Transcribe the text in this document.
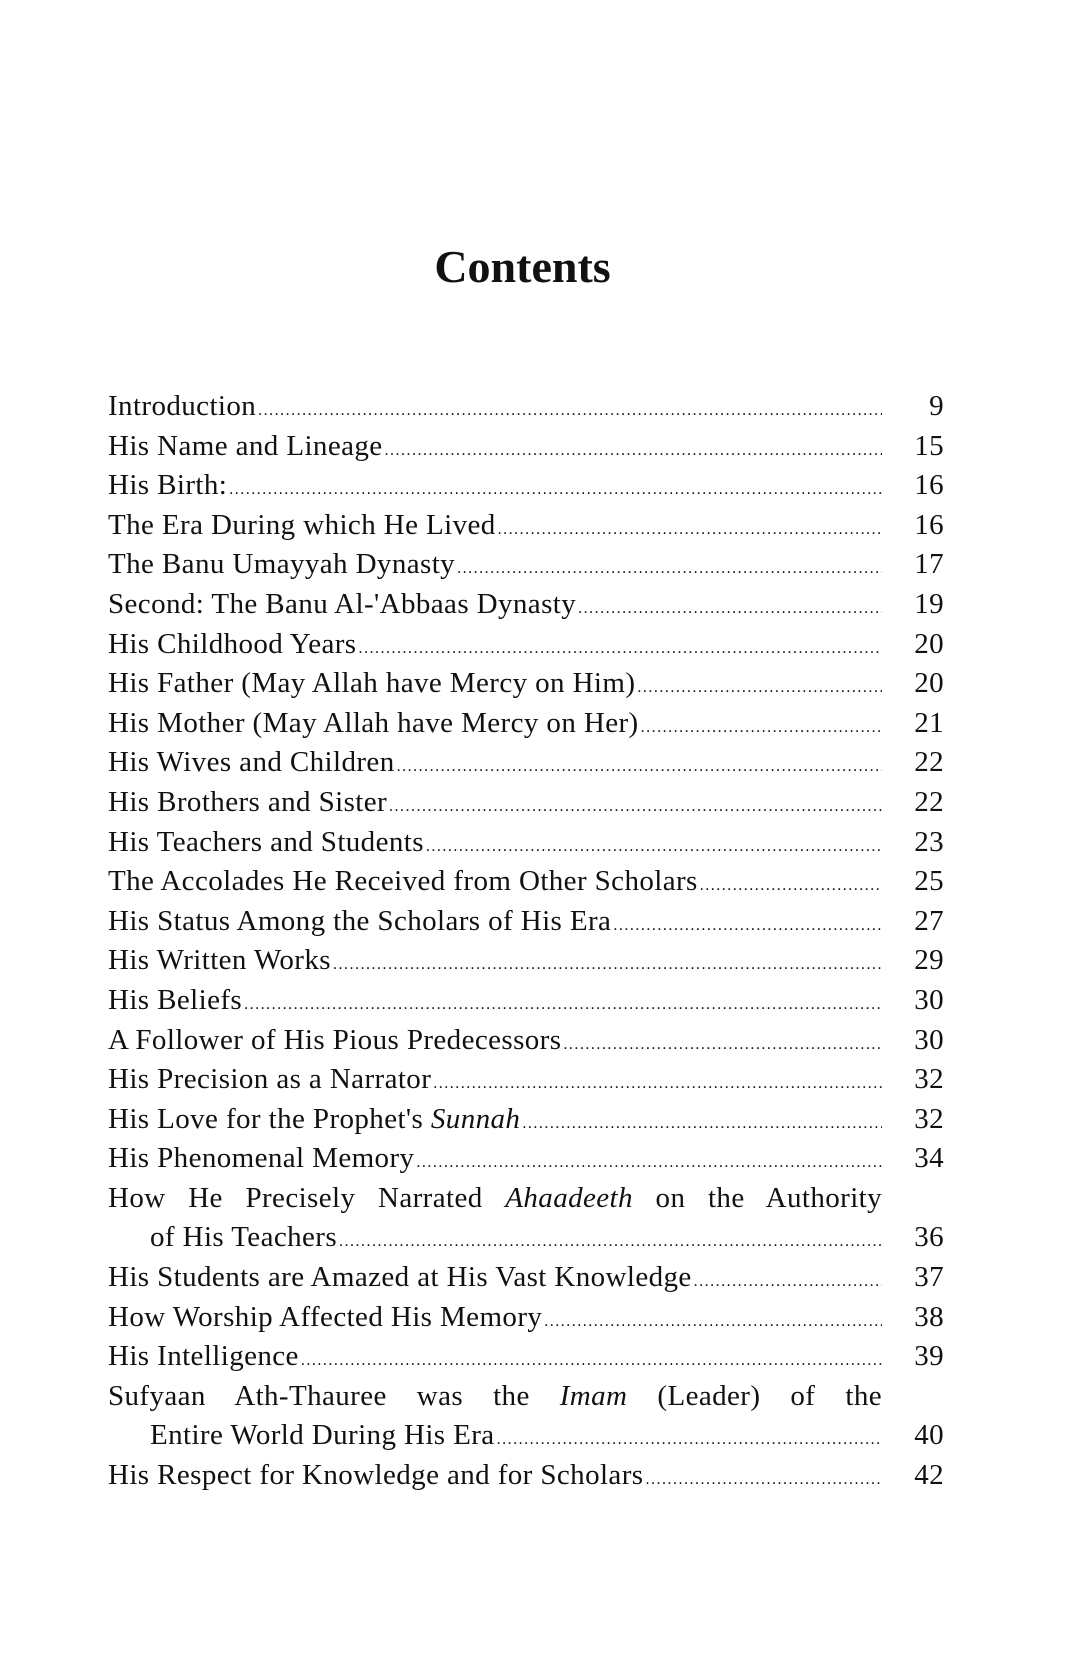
Contents
Introduction .....	9
His Name and Lineage .....	15
His Birth: .....	16
The Era During which He Lived .....	16
The Banu Umayyah Dynasty .....	17
Second: The Banu Al-'Abbaas Dynasty .....	19
His Childhood Years .....	20
His Father (May Allah have Mercy on Him) .....	20
His Mother (May Allah have Mercy on Her) .....	21
His Wives and Children .....	22
His Brothers and Sister .....	22
His Teachers and Students .....	23
The Accolades He Received from Other Scholars .....	25
His Status Among the Scholars of His Era .....	27
His Written Works .....	29
His Beliefs .....	30
A Follower of His Pious Predecessors .....	30
His Precision as a Narrator .....	32
His Love for the Prophet's Sunnah .....	32
His Phenomenal Memory .....	34
How He Precisely Narrated Ahaadeeth on the Authority
of His Teachers .....	36
His Students are Amazed at His Vast Knowledge .....	37
How Worship Affected His Memory .....	38
His Intelligence .....	39
Sufyaan Ath-Thauree was the Imam (Leader) of the
Entire World During His Era .....	40
His Respect for Knowledge and for Scholars .....	42
